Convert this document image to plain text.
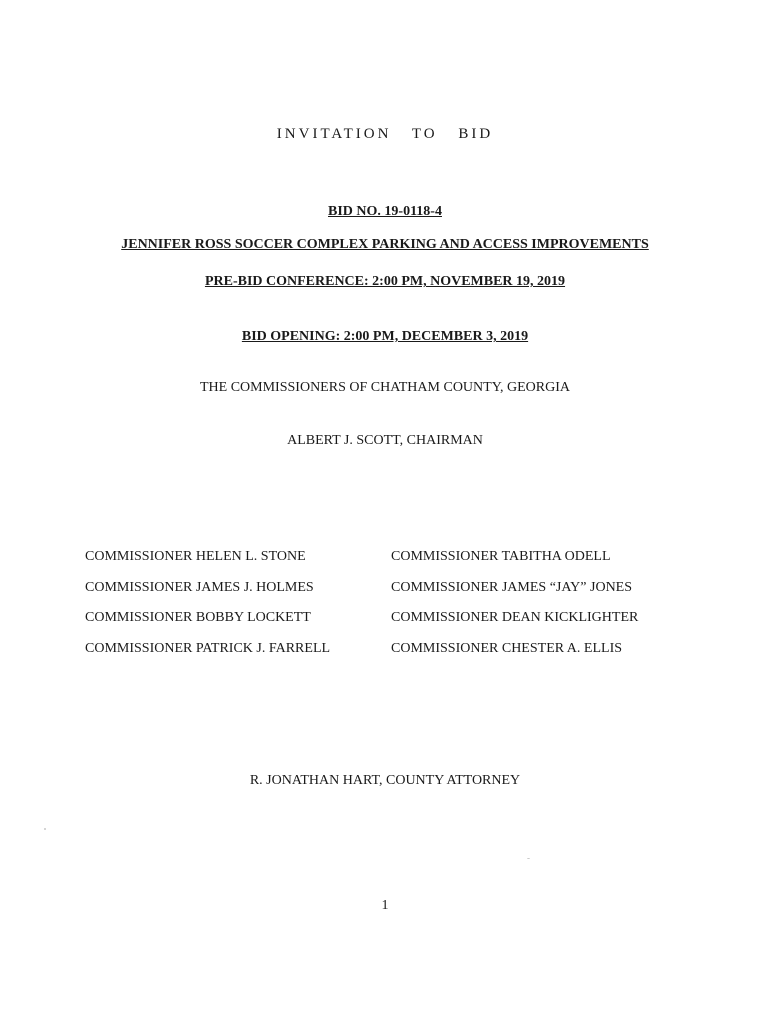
INVITATION TO BID
BID NO. 19-0118-4
JENNIFER ROSS SOCCER COMPLEX PARKING AND ACCESS IMPROVEMENTS
PRE-BID CONFERENCE: 2:00 PM, NOVEMBER 19, 2019
BID OPENING: 2:00 PM, DECEMBER 3, 2019
THE COMMISSIONERS OF CHATHAM COUNTY, GEORGIA
ALBERT J. SCOTT, CHAIRMAN
COMMISSIONER HELEN L. STONE	COMMISSIONER TABITHA ODELL
COMMISSIONER JAMES J. HOLMES	COMMISSIONER JAMES “JAY” JONES
COMMISSIONER BOBBY LOCKETT	COMMISSIONER DEAN KICKLIGHTER
COMMISSIONER PATRICK J. FARRELL	COMMISSIONER CHESTER A. ELLIS
R. JONATHAN HART, COUNTY ATTORNEY
1
